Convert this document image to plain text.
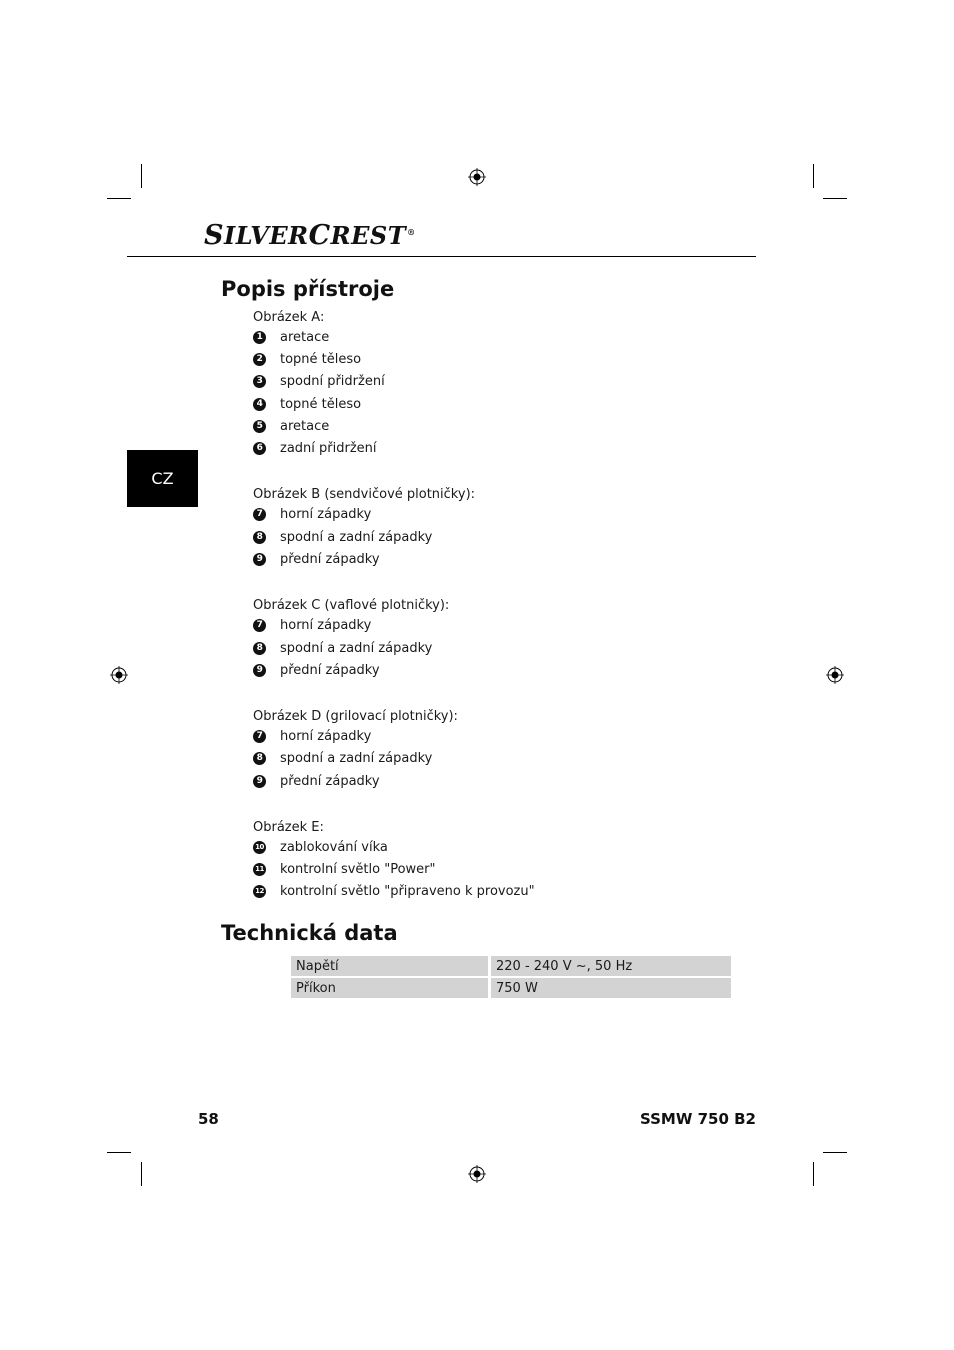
SILVERCREST®
CZ
Popis přístroje
Obrázek A:
1 aretace
2 topné těleso
3 spodní přidržení
4 topné těleso
5 aretace
6 zadní přidržení
Obrázek B (sendvičové plotničky):
7 horní západky
8 spodní a zadní západky
9 přední západky
Obrázek C (vaflové plotničky):
7 horní západky
8 spodní a zadní západky
9 přední západky
Obrázek D (grilovací plotničky):
7 horní západky
8 spodní a zadní západky
9 přední západky
Obrázek E:
10 zablokování víka
11 kontrolní světlo "Power"
12 kontrolní světlo "připraveno k provozu"
Technická data
Napětí	220 - 240 V ~, 50 Hz
Příkon	750 W
58	SSMW 750 B2
